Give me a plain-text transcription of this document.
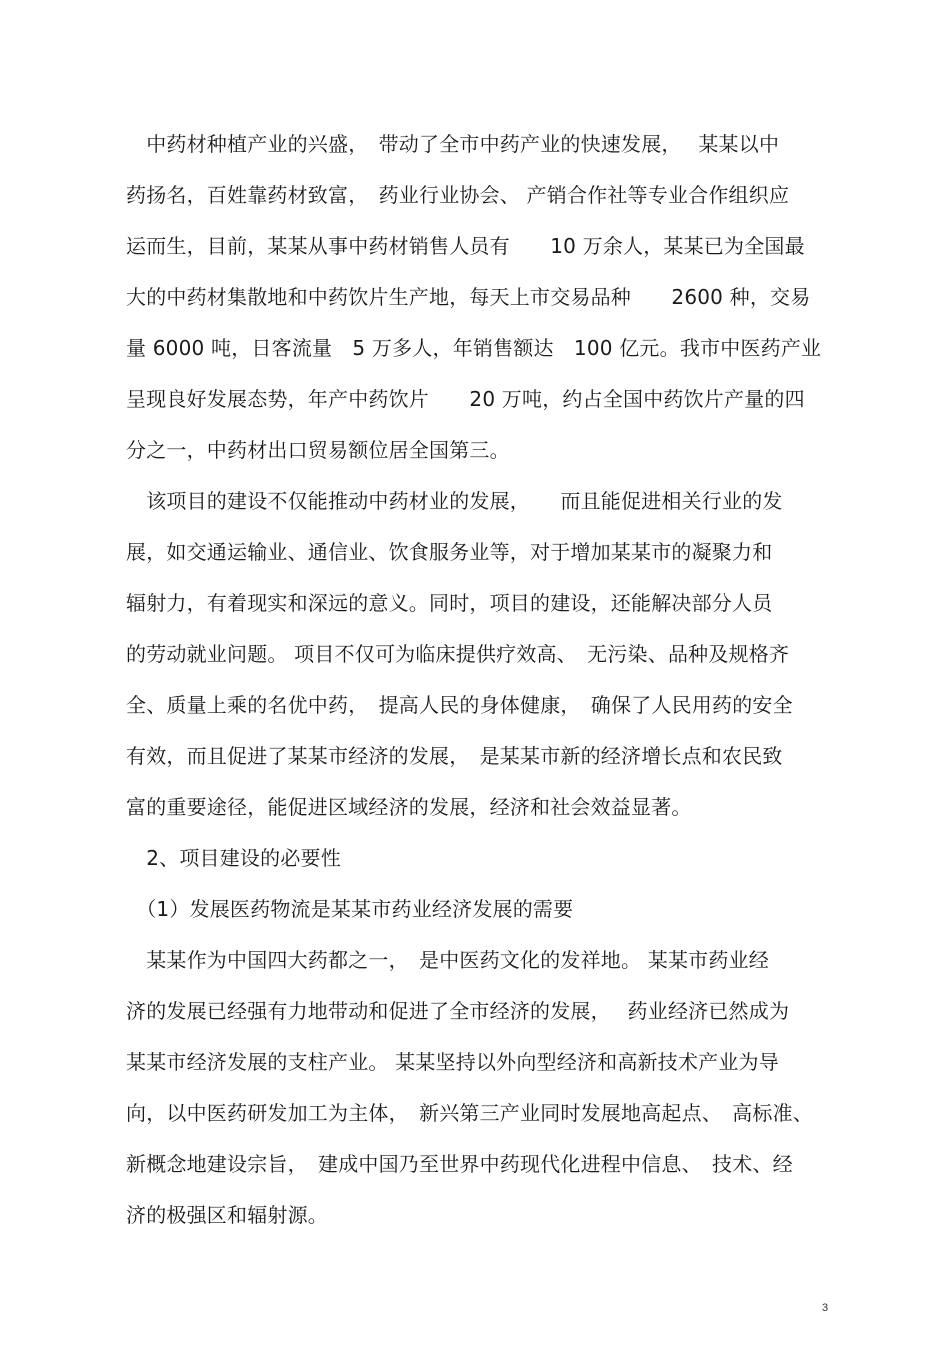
　中药材种植产业的兴盛，　带动了全市中药产业的快速发展，　 某某以中
药扬名，百姓靠药材致富，　药业行业协会、 产销合作社等专业合作组织应
运而生，目前，某某从事中药材销售人员有　　10 万余人，某某已为全国最
大的中药材集散地和中药饮片生产地，每天上市交易品种　　2600 种，交易
量 6000 吨，日客流量　5 万多人，年销售额达　100 亿元。我市中医药产业
呈现良好发展态势，年产中药饮片　　20 万吨，约占全国中药饮片产量的四
分之一，中药材出口贸易额位居全国第三。
　该项目的建设不仅能推动中药材业的发展，　　而且能促进相关行业的发
展，如交通运输业、通信业、饮食服务业等，对于增加某某市的凝聚力和
辐射力，有着现实和深远的意义。同时，项目的建设，还能解决部分人员
的劳动就业问题。 项目不仅可为临床提供疗效高、　无污染、品种及规格齐
全、质量上乘的名优中药，　提高人民的身体健康，　确保了人民用药的安全
有效，而且促进了某某市经济的发展，　是某某市新的经济增长点和农民致
富的重要途径，能促进区域经济的发展，经济和社会效益显著。
　2、项目建设的必要性
　（1）发展医药物流是某某市药业经济发展的需要
　某某作为中国四大药都之一，　是中医药文化的发祥地。 某某市药业经
济的发展已经强有力地带动和促进了全市经济的发展，　 药业经济已然成为
某某市经济发展的支柱产业。 某某坚持以外向型经济和高新技术产业为导
向，以中医药研发加工为主体，　新兴第三产业同时发展地高起点、　高标准、
新概念地建设宗旨，　建成中国乃至世界中药现代化进程中信息、　技术、经
济的极强区和辐射源。
3
